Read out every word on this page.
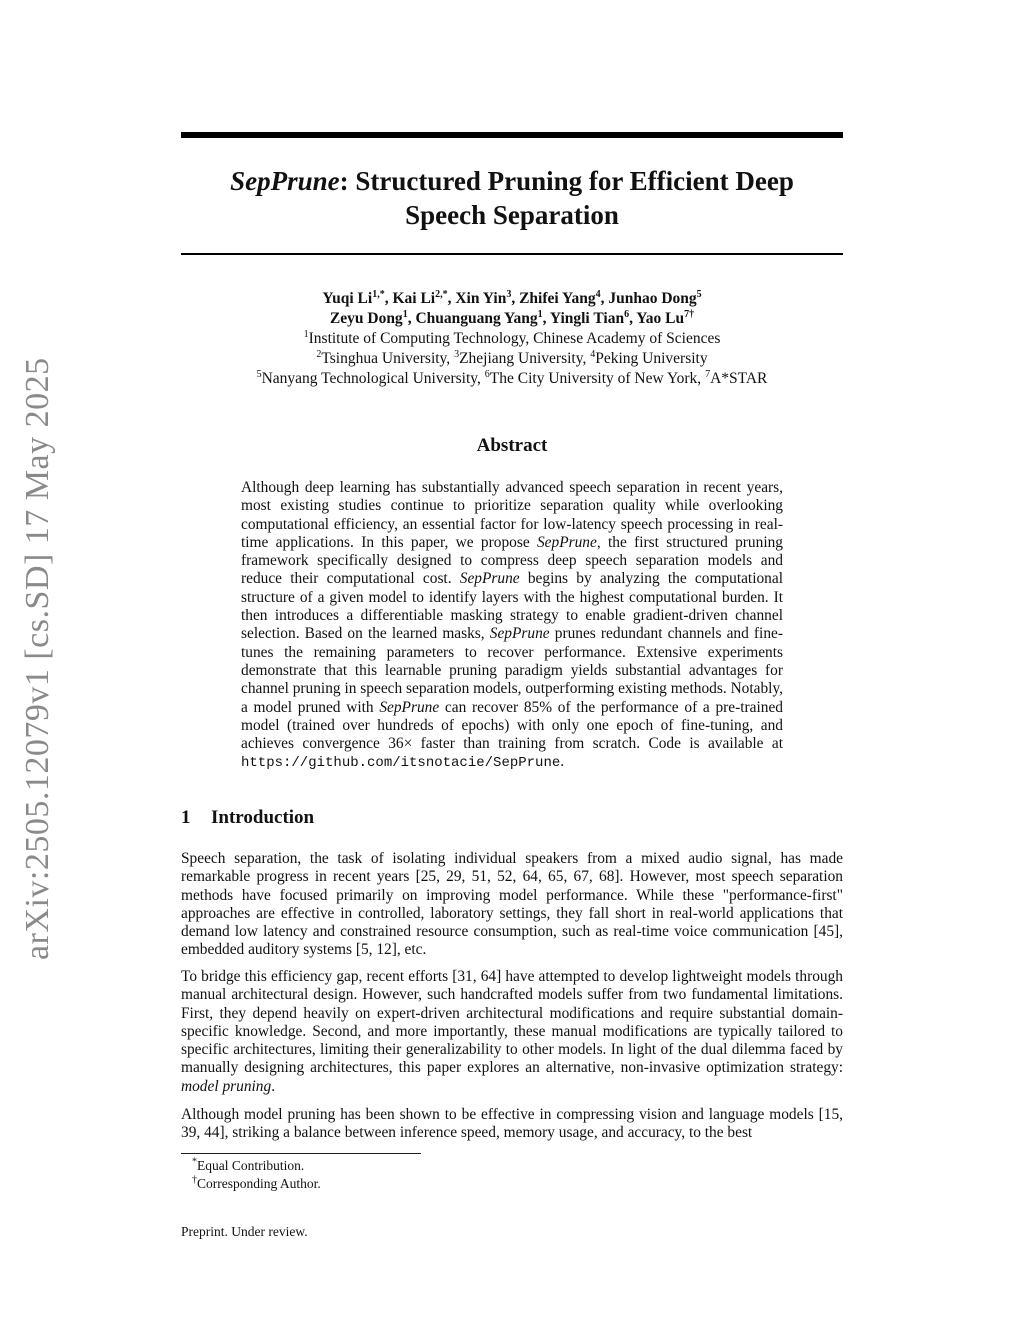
arXiv:2505.12079v1 [cs.SD] 17 May 2025
SepPrune: Structured Pruning for Efficient Deep
Speech Separation
Yuqi $Li^{1,*}$, Kai $Li^{2,*}$, Xin Yin$^3$, Zhifei Yang$^4$, Junhao Dong$^5$
Zeyu Dong$^1$, Chuanguang Yang$^1$, Yingli Tian$^6$, Yao $Lu^{7\dagger}$
$^1$Institute of Computing Technology, Chinese Academy of Sciences
$^2$Tsinghua University, $^3$Zhejiang University, $^4$Peking University
$^5$Nanyang Technological University, $^6$The City University of New York, $^7$A*STAR
Abstract
Although deep learning has substantially advanced speech separation in recent years, most existing studies continue to prioritize separation quality while overlooking computational efficiency, an essential factor for low-latency speech processing in real-time applications. In this paper, we propose SepPrune, the first structured pruning framework specifically designed to compress deep speech separation models and reduce their computational cost. SepPrune begins by analyzing the computational structure of a given model to identify layers with the highest computational burden. It then introduces a differentiable masking strategy to enable gradient-driven channel selection. Based on the learned masks, SepPrune prunes redundant channels and fine-tunes the remaining parameters to recover performance. Extensive experiments demonstrate that this learnable pruning paradigm yields substantial advantages for channel pruning in speech separation models, outperforming existing methods. Notably, a model pruned with SepPrune can recover 85% of the performance of a pre-trained model (trained over hundreds of epochs) with only one epoch of fine-tuning, and achieves convergence 36× faster than training from scratch. Code is available at https://github.com/itsnotacie/SepPrune.
1 Introduction

Speech separation, the task of isolating individual speakers from a mixed audio signal, has made remarkable progress in recent years [25, 29, 51, 52, 64, 65, 67, 68]. However, most speech separation methods have focused primarily on improving model performance. While these "performance-first" approaches are effective in controlled, laboratory settings, they fall short in real-world applications that demand low latency and constrained resource consumption, such as real-time voice communication [45], embedded auditory systems [5, 12], etc.

To bridge this efficiency gap, recent efforts [31, 64] have attempted to develop lightweight models through manual architectural design. However, such handcrafted models suffer from two fundamental limitations. First, they depend heavily on expert-driven architectural modifications and require substantial domain-specific knowledge. Second, and more importantly, these manual modifications are typically tailored to specific architectures, limiting their generalizability to other models. In light of the dual dilemma faced by manually designing architectures, this paper explores an alternative, non-invasive optimization strategy: model pruning.

Although model pruning has been shown to be effective in compressing vision and language models [15, 39, 44], striking a balance between inference speed, memory usage, and accuracy, to the best

*Equal Contribution.
†Corresponding Author.
Preprint. Under review.
